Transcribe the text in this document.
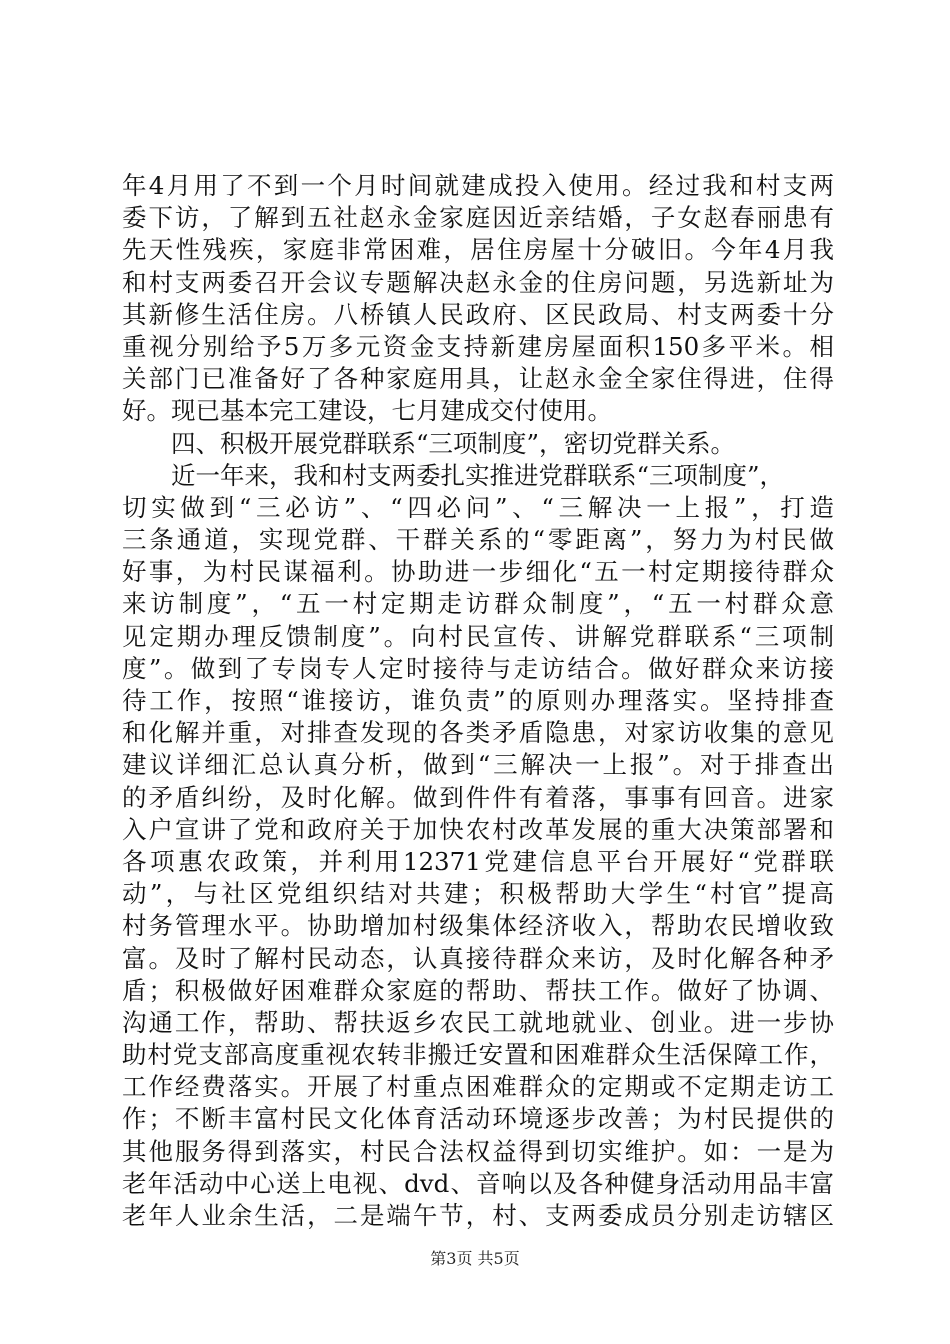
年4月用了不到一个月时间就建成投入使用。经过我和村支两
委下访，了解到五社赵永金家庭因近亲结婚，子女赵春丽患有
先天性残疾，家庭非常困难，居住房屋十分破旧。今年4月我
和村支两委召开会议专题解决赵永金的住房问题，另选新址为
其新修生活住房。八桥镇人民政府、区民政局、村支两委十分
重视分别给予5万多元资金支持新建房屋面积150多平米。相
关部门已准备好了各种家庭用具，让赵永金全家住得进，住得
好。现已基本完工建设，七月建成交付使用。
四、积极开展党群联系“三项制度”，密切党群关系。
近一年来，我和村支两委扎实推进党群联系“三项制度”，
切实做到“三必访”、“四必问”、“三解决一上报”，打造
三条通道，实现党群、干群关系的“零距离”，努力为村民做
好事，为村民谋福利。协助进一步细化“五一村定期接待群众
来访制度”，“五一村定期走访群众制度”，“五一村群众意
见定期办理反馈制度”。向村民宣传、讲解党群联系“三项制
度”。做到了专岗专人定时接待与走访结合。做好群众来访接
待工作，按照“谁接访，谁负责”的原则办理落实。坚持排查
和化解并重，对排查发现的各类矛盾隐患，对家访收集的意见
建议详细汇总认真分析，做到“三解决一上报”。对于排查出
的矛盾纠纷，及时化解。做到件件有着落，事事有回音。进家
入户宣讲了党和政府关于加快农村改革发展的重大决策部署和
各项惠农政策，并利用12371党建信息平台开展好“党群联
动”，与社区党组织结对共建；积极帮助大学生“村官”提高
村务管理水平。协助增加村级集体经济收入，帮助农民增收致
富。及时了解村民动态，认真接待群众来访，及时化解各种矛
盾；积极做好困难群众家庭的帮助、帮扶工作。做好了协调、
沟通工作，帮助、帮扶返乡农民工就地就业、创业。进一步协
助村党支部高度重视农转非搬迁安置和困难群众生活保障工作，
工作经费落实。开展了村重点困难群众的定期或不定期走访工
作；不断丰富村民文化体育活动环境逐步改善；为村民提供的
其他服务得到落实，村民合法权益得到切实维护。如：一是为
老年活动中心送上电视、dvd、音响以及各种健身活动用品丰富
老年人业余生活，二是端午节，村、支两委成员分别走访辖区
第3页 共5页
